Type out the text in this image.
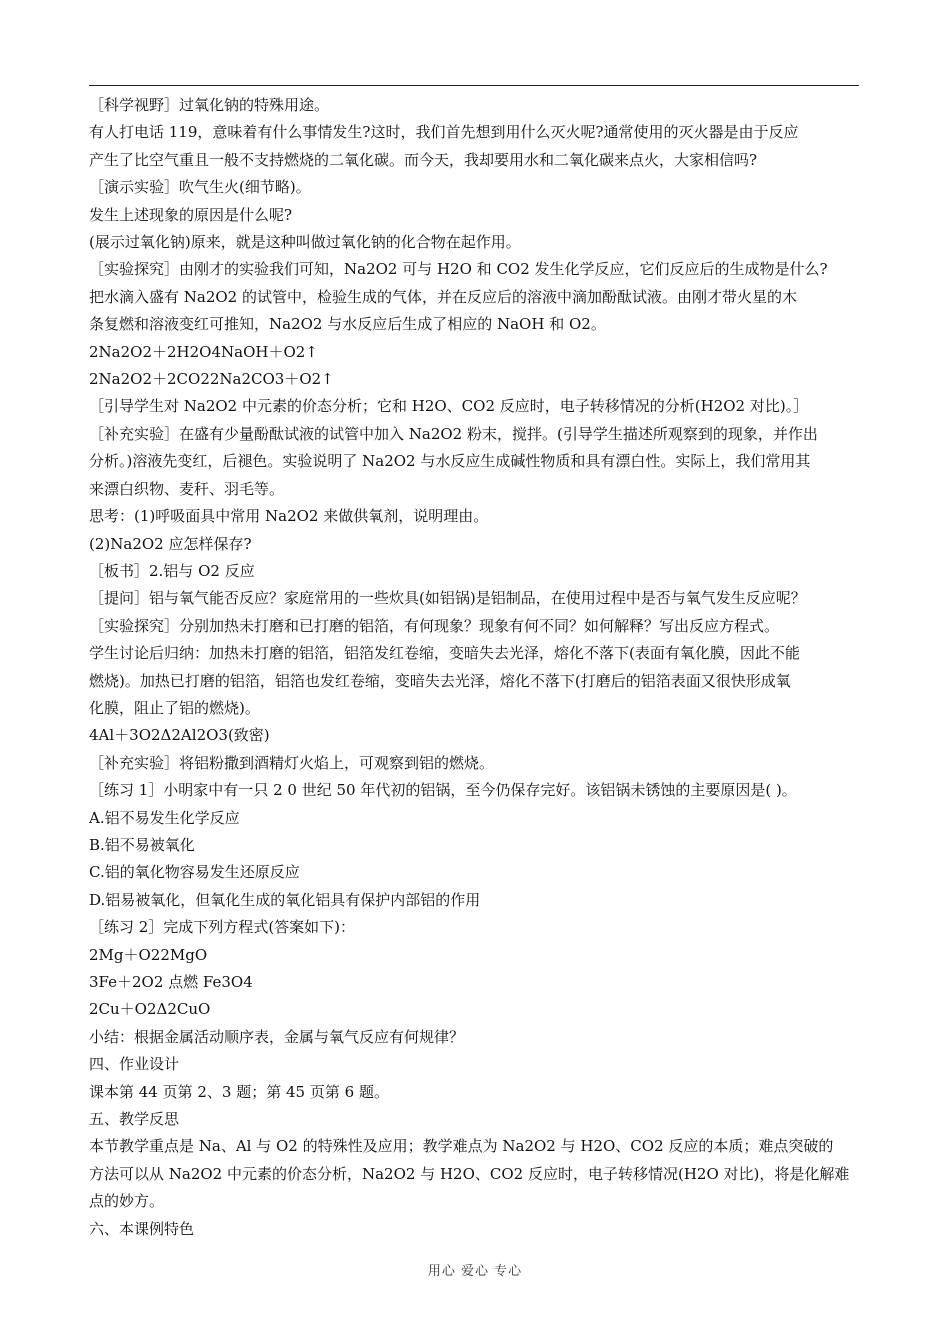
［科学视野］过氧化钠的特殊用途。
有人打电话 119，意味着有什么事情发生?这时，我们首先想到用什么灭火呢?通常使用的灭火器是由于反应
产生了比空气重且一般不支持燃烧的二氧化碳。而今天，我却要用水和二氧化碳来点火，大家相信吗?
［演示实验］吹气生火(细节略)。
发生上述现象的原因是什么呢?
(展示过氧化钠)原来，就是这种叫做过氧化钠的化合物在起作用。
［实验探究］由刚才的实验我们可知，Na2O2 可与 H2O 和 CO2 发生化学反应，它们反应后的生成物是什么?
把水滴入盛有 Na2O2 的试管中，检验生成的气体，并在反应后的溶液中滴加酚酞试液。由刚才带火星的木
条复燃和溶液变红可推知，Na2O2 与水反应后生成了相应的 NaOH 和 O2。
2Na2O2＋2H2O4NaOH＋O2↑
2Na2O2＋2CO22Na2CO3＋O2↑
［引导学生对 Na2O2 中元素的价态分析；它和 H2O、CO2 反应时，电子转移情况的分析(H2O2 对比)。］
［补充实验］在盛有少量酚酞试液的试管中加入 Na2O2 粉末，搅拌。(引导学生描述所观察到的现象，并作出
分析。)溶液先变红，后褪色。实验说明了 Na2O2 与水反应生成碱性物质和具有漂白性。实际上，我们常用其
来漂白织物、麦秆、羽毛等。
思考：(1)呼吸面具中常用 Na2O2 来做供氧剂，说明理由。
(2)Na2O2 应怎样保存?
［板书］2.铝与 O2 反应
［提问］铝与氧气能否反应？家庭常用的一些炊具(如铝锅)是铝制品，在使用过程中是否与氧气发生反应呢？
［实验探究］分别加热未打磨和已打磨的铝箔，有何现象？现象有何不同？如何解释？写出反应方程式。
学生讨论后归纳：加热未打磨的铝箔，铝箔发红卷缩，变暗失去光泽，熔化不落下(表面有氧化膜，因此不能
燃烧)。加热已打磨的铝箔，铝箔也发红卷缩，变暗失去光泽，熔化不落下(打磨后的铝箔表面又很快形成氧
化膜，阻止了铝的燃烧)。
4Al＋3O2Δ2Al2O3(致密)
［补充实验］将铝粉撒到酒精灯火焰上，可观察到铝的燃烧。
［练习 1］小明家中有一只 2 0 世纪 50 年代初的铝锅，至今仍保存完好。该铝锅未锈蚀的主要原因是( )。
A.铝不易发生化学反应
B.铝不易被氧化
C.铝的氧化物容易发生还原反应
D.铝易被氧化，但氧化生成的氧化铝具有保护内部铝的作用
［练习 2］完成下列方程式(答案如下)：
2Mg＋O22MgO
3Fe＋2O2 点燃 Fe3O4
2Cu＋O2Δ2CuO
小结：根据金属活动顺序表，金属与氧气反应有何规律？
四、作业设计
课本第 44 页第 2、3 题；第 45 页第 6 题。
五、教学反思
本节教学重点是 Na、Al 与 O2 的特殊性及应用；教学难点为 Na2O2 与 H2O、CO2 反应的本质；难点突破的
方法可以从 Na2O2 中元素的价态分析，Na2O2 与 H2O、CO2 反应时，电子转移情况(H2O 对比)，将是化解难
点的妙方。
六、本课例特色
用心 爱心 专心
